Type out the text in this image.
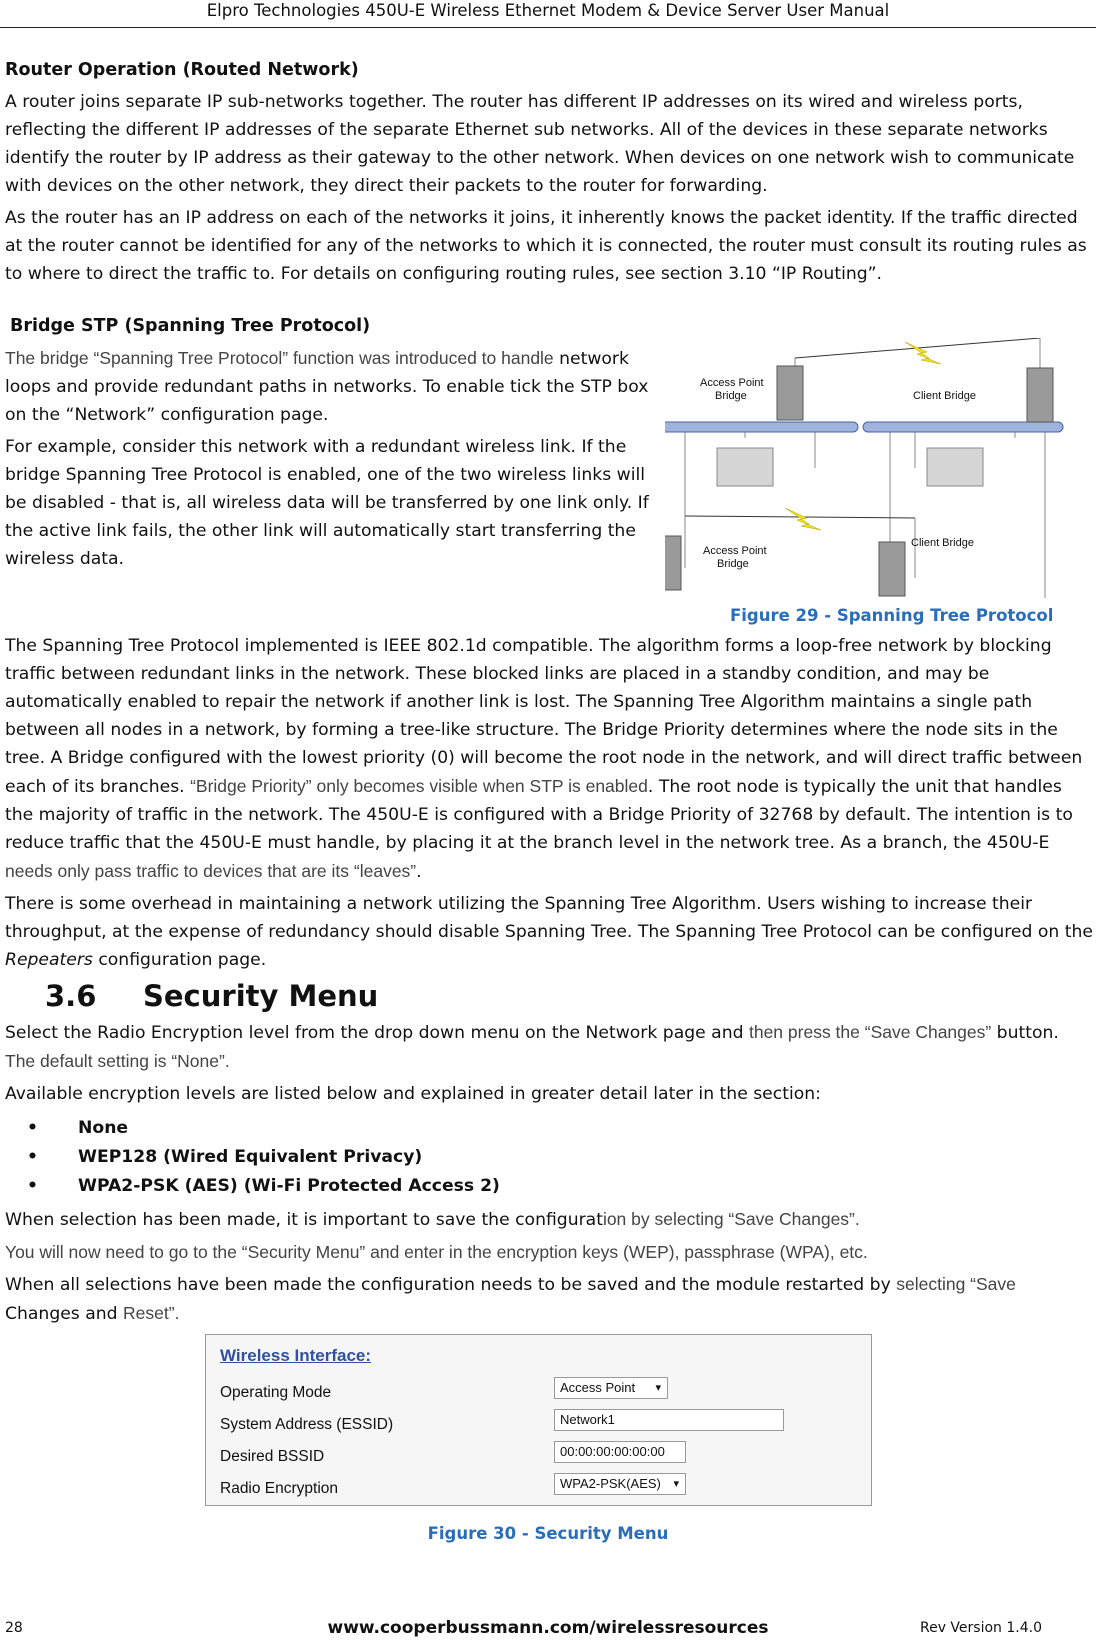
Elpro Technologies 450U-E Wireless Ethernet Modem & Device Server User Manual
Router Operation (Routed Network)

A router joins separate IP sub-networks together. The router has different IP addresses on its wired and wireless ports, reflecting the different IP addresses of the separate Ethernet sub networks. All of the devices in these separate networks identify the router by IP address as their gateway to the other network. When devices on one network wish to communicate with devices on the other network, they direct their packets to the router for forwarding.

As the router has an IP address on each of the networks it joins, it inherently knows the packet identity. If the traffic directed at the router cannot be identified for any of the networks to which it is connected, the router must consult its routing rules as to where to direct the traffic to. For details on configuring routing rules, see section 3.10 “IP Routing”.

Bridge STP (Spanning Tree Protocol)

The bridge “Spanning Tree Protocol” function was introduced to handle network loops and provide redundant paths in networks. To enable tick the STP box on the “Network” configuration page.

For example, consider this network with a redundant wireless link. If the bridge Spanning Tree Protocol is enabled, one of the two wireless links will be disabled - that is, all wireless data will be transferred by one link only. If the active link fails, the other link will automatically start transferring the wireless data.

Access Point
Bridge	Client Bridge
Access Point
Bridge
Client Bridge
Figure 29 - Spanning Tree Protocol

The Spanning Tree Protocol implemented is IEEE 802.1d compatible. The algorithm forms a loop-free network by blocking traffic between redundant links in the network. These blocked links are placed in a standby condition, and may be automatically enabled to repair the network if another link is lost. The Spanning Tree Algorithm maintains a single path between all nodes in a network, by forming a tree-like structure. The Bridge Priority determines where the node sits in the tree. A Bridge configured with the lowest priority (0) will become the root node in the network, and will direct traffic between each of its branches. “Bridge Priority” only becomes visible when STP is enabled. The root node is typically the unit that handles the majority of traffic in the network. The 450U-E is configured with a Bridge Priority of 32768 by default. The intention is to reduce traffic that the 450U-E must handle, by placing it at the branch level in the network tree. As a branch, the 450U-E needs only pass traffic to devices that are its “leaves”.

There is some overhead in maintaining a network utilizing the Spanning Tree Algorithm. Users wishing to increase their throughput, at the expense of redundancy should disable Spanning Tree. The Spanning Tree Protocol can be configured on the Repeaters configuration page.

3.6 Security Menu

Select the Radio Encryption level from the drop down menu on the Network page and then press the “Save Changes” button. The default setting is “None”.

Available encryption levels are listed below and explained in greater detail later in the section:

• None
• WEP128 (Wired Equivalent Privacy)
• WPA2-PSK (AES) (Wi-Fi Protected Access 2)

When selection has been made, it is important to save the configuration by selecting “Save Changes”.

You will now need to go to the “Security Menu” and enter in the encryption keys (WEP), passphrase (WPA), etc.

When all selections have been made the configuration needs to be saved and the module restarted by selecting “Save Changes and Reset”.

Wireless Interface:
Operating Mode	Access Point ▾
System Address (ESSID)	Network1
Desired BSSID	00:00:00:00:00:00
Radio Encryption	WPA2-PSK(AES) ▾
Figure 30 - Security Menu
28	www.cooperbussmann.com/wirelessresources	Rev Version 1.4.0
